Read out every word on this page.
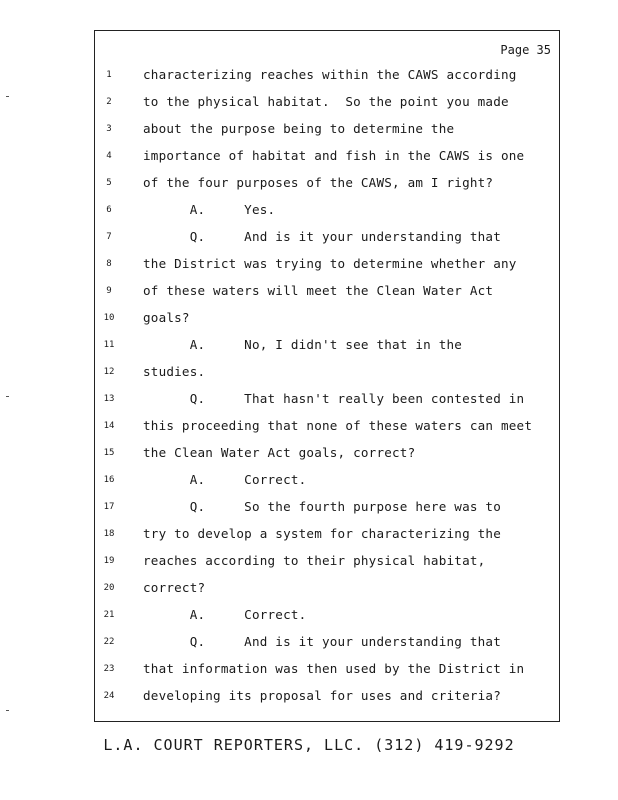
Page 35
1	characterizing reaches within the CAWS according
2	to the physical habitat.  So the point you made
3	about the purpose being to determine the
4	importance of habitat and fish in the CAWS is one
5	of the four purposes of the CAWS, am I right?
6	A.     Yes.
7	Q.     And is it your understanding that
8	the District was trying to determine whether any
9	of these waters will meet the Clean Water Act
10	goals?
11	A.     No, I didn't see that in the
12	studies.
13	Q.     That hasn't really been contested in
14	this proceeding that none of these waters can meet
15	the Clean Water Act goals, correct?
16	A.     Correct.
17	Q.     So the fourth purpose here was to
18	try to develop a system for characterizing the
19	reaches according to their physical habitat,
20	correct?
21	A.     Correct.
22	Q.     And is it your understanding that
23	that information was then used by the District in
24	developing its proposal for uses and criteria?
L.A. COURT REPORTERS, LLC. (312) 419-9292
